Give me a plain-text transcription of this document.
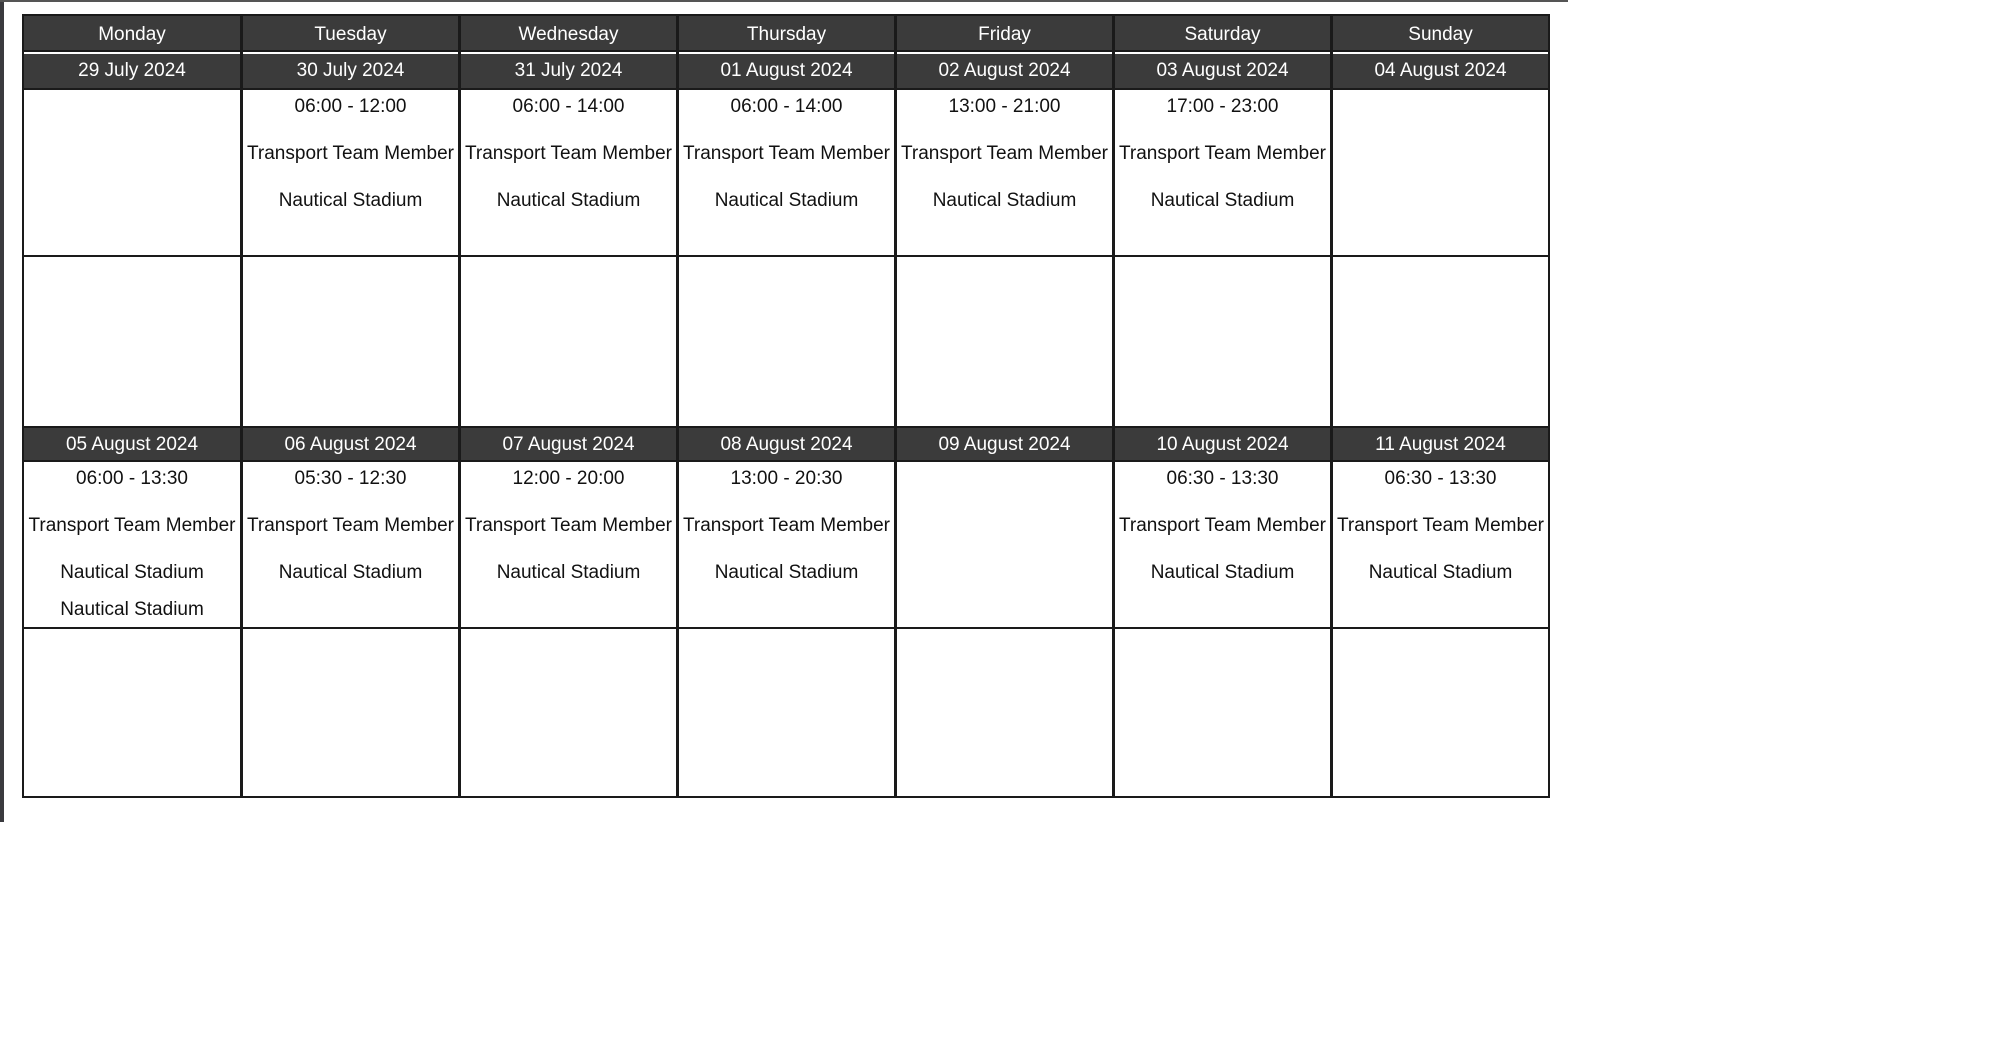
Monday
29 July 2024
05 August 2024
06:00 - 13:30
Transport Team Member
Nautical Stadium
Nautical Stadium
Tuesday
30 July 2024
06:00 - 12:00
Transport Team Member
Nautical Stadium
06 August 2024
05:30 - 12:30
Transport Team Member
Nautical Stadium
Wednesday
31 July 2024
06:00 - 14:00
Transport Team Member
Nautical Stadium
07 August 2024
12:00 - 20:00
Transport Team Member
Nautical Stadium
Thursday
01 August 2024
06:00 - 14:00
Transport Team Member
Nautical Stadium
08 August 2024
13:00 - 20:30
Transport Team Member
Nautical Stadium
Friday
02 August 2024
13:00 - 21:00
Transport Team Member
Nautical Stadium
09 August 2024
Saturday
03 August 2024
17:00 - 23:00
Transport Team Member
Nautical Stadium
10 August 2024
06:30 - 13:30
Transport Team Member
Nautical Stadium
Sunday
04 August 2024
11 August 2024
06:30 - 13:30
Transport Team Member
Nautical Stadium
